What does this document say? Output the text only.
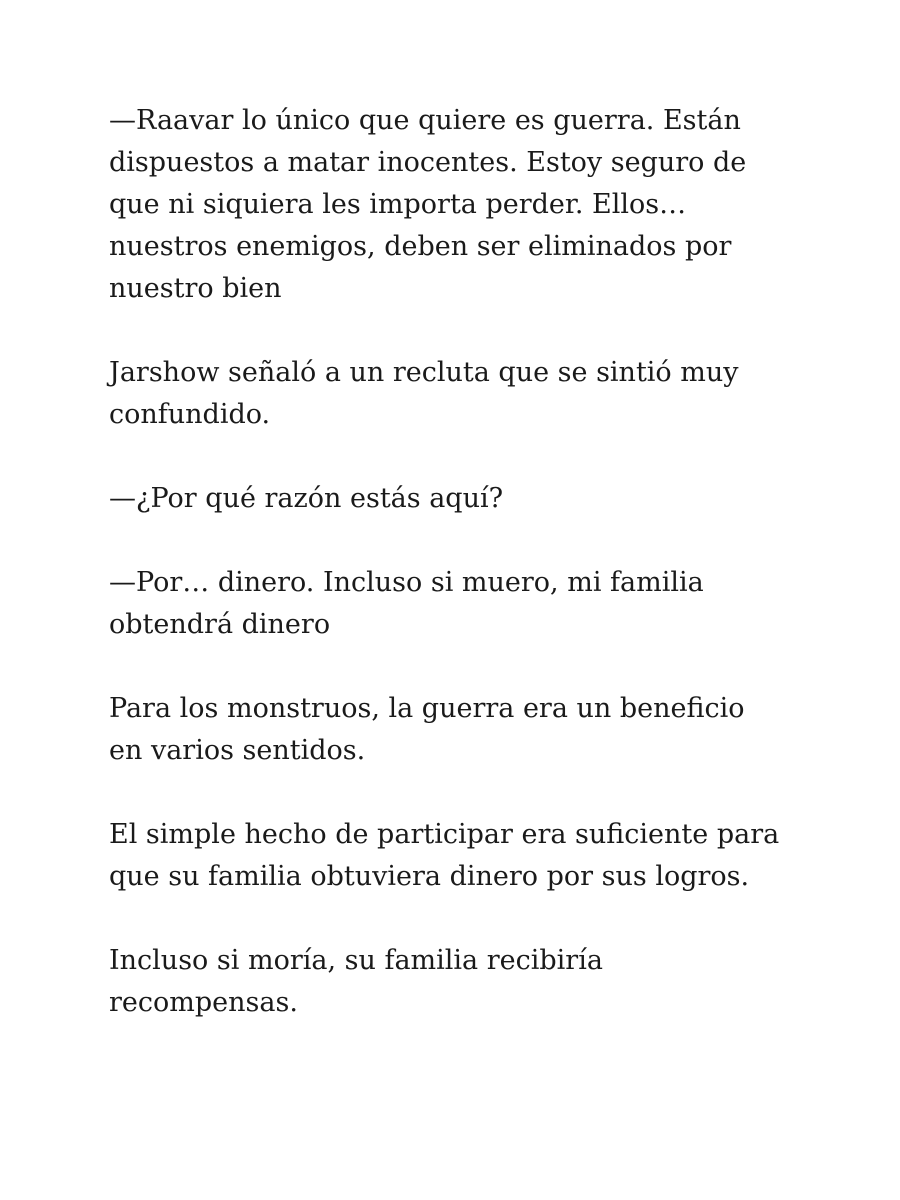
—Raavar lo único que quiere es guerra. Están
dispuestos a matar inocentes. Estoy seguro de
que ni siquiera les importa perder. Ellos…
nuestros enemigos, deben ser eliminados por
nuestro bien

Jarshow señaló a un recluta que se sintió muy
confundido.

—¿Por qué razón estás aquí?

—Por… dinero. Incluso si muero, mi familia
obtendrá dinero

Para los monstruos, la guerra era un beneficio
en varios sentidos.

El simple hecho de participar era suficiente para
que su familia obtuviera dinero por sus logros.

Incluso si moría, su familia recibiría
recompensas.
